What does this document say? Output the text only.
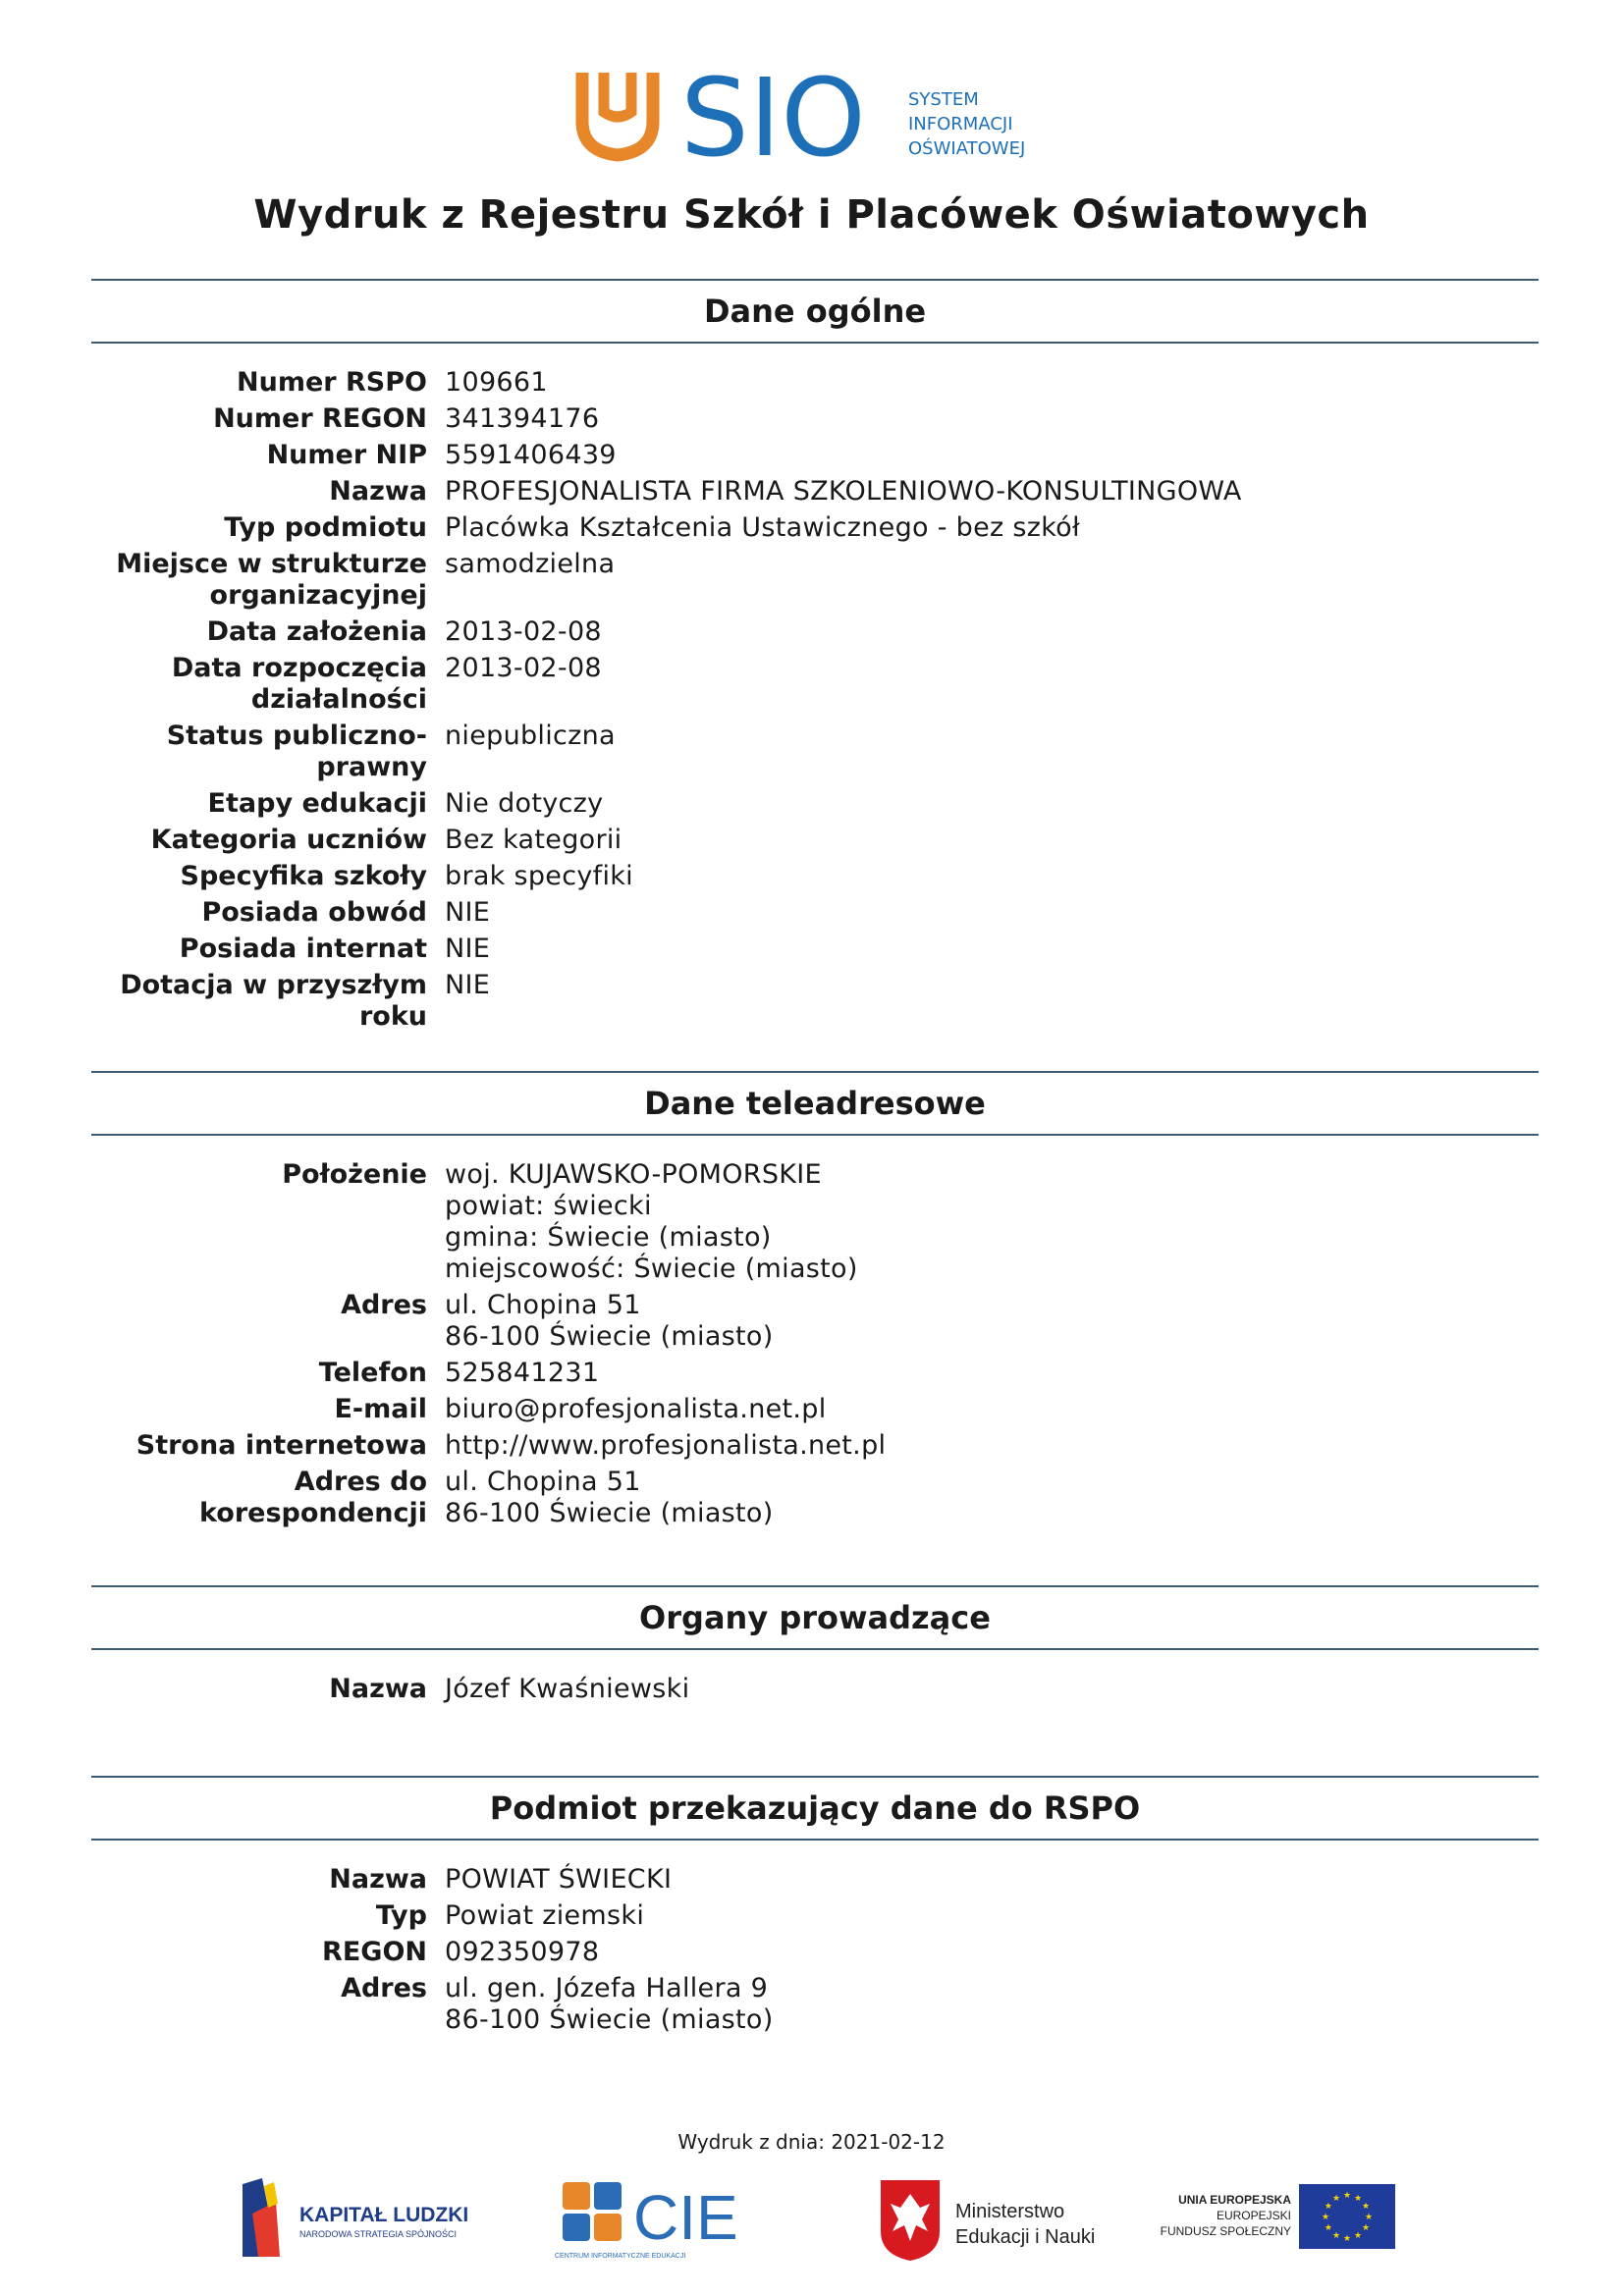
SIO SYSTEM
INFORMACJI
OŚWIATOWEJ
Wydruk z Rejestru Szkół i Placówek Oświatowych
Dane ogólne
Numer RSPO 109661
Numer REGON 341394176
Numer NIP 5591406439
Nazwa PROFESJONALISTA FIRMA SZKOLENIOWO-KONSULTINGOWA
Typ podmiotu Placówka Kształcenia Ustawicznego - bez szkół
Miejsce w strukturze organizacyjnej
samodzielna
Data założenia 2013-02-08
Data rozpoczęcia działalności
2013-02-08
Status publiczno-prawny
niepubliczna
Etapy edukacji Nie dotyczy
Kategoria uczniów Bez kategorii
Specyfika szkoły brak specyfiki
Posiada obwód NIE
Posiada internat NIE
Dotacja w przyszłym roku
NIE
Dane teleadresowe
Położenie woj. KUJAWSKO-POMORSKIE
powiat: świecki
gmina: Świecie (miasto)
miejscowość: Świecie (miasto)
Adres ul. Chopina 51
86-100 Świecie (miasto)
Telefon 525841231
E-mail biuro@profesjonalista.net.pl
Strona internetowa http://www.profesjonalista.net.pl
Adres do korespondencji
ul. Chopina 51
86-100 Świecie (miasto)
Organy prowadzące
Nazwa Józef Kwaśniewski
Podmiot przekazujący dane do RSPO
Nazwa POWIAT ŚWIECKI
Typ Powiat ziemski
REGON 092350978
Adres ul. gen. Józefa Hallera 9
86-100 Świecie (miasto)
Wydruk z dnia: 2021-02-12
KAPITAŁ LUDZKI
NARODOWA STRATEGIA SPÓJNOŚCI	CIE
CENTRUM INFORMATYCZNE EDUKACJI
Ministerstwo
Edukacji i Nauki
UNIA EUROPEJSKA
EUROPEJSKI
FUNDUSZ SPOŁECZNY
★
★
★
★
★
★
★
★
★ ★ ★
★
